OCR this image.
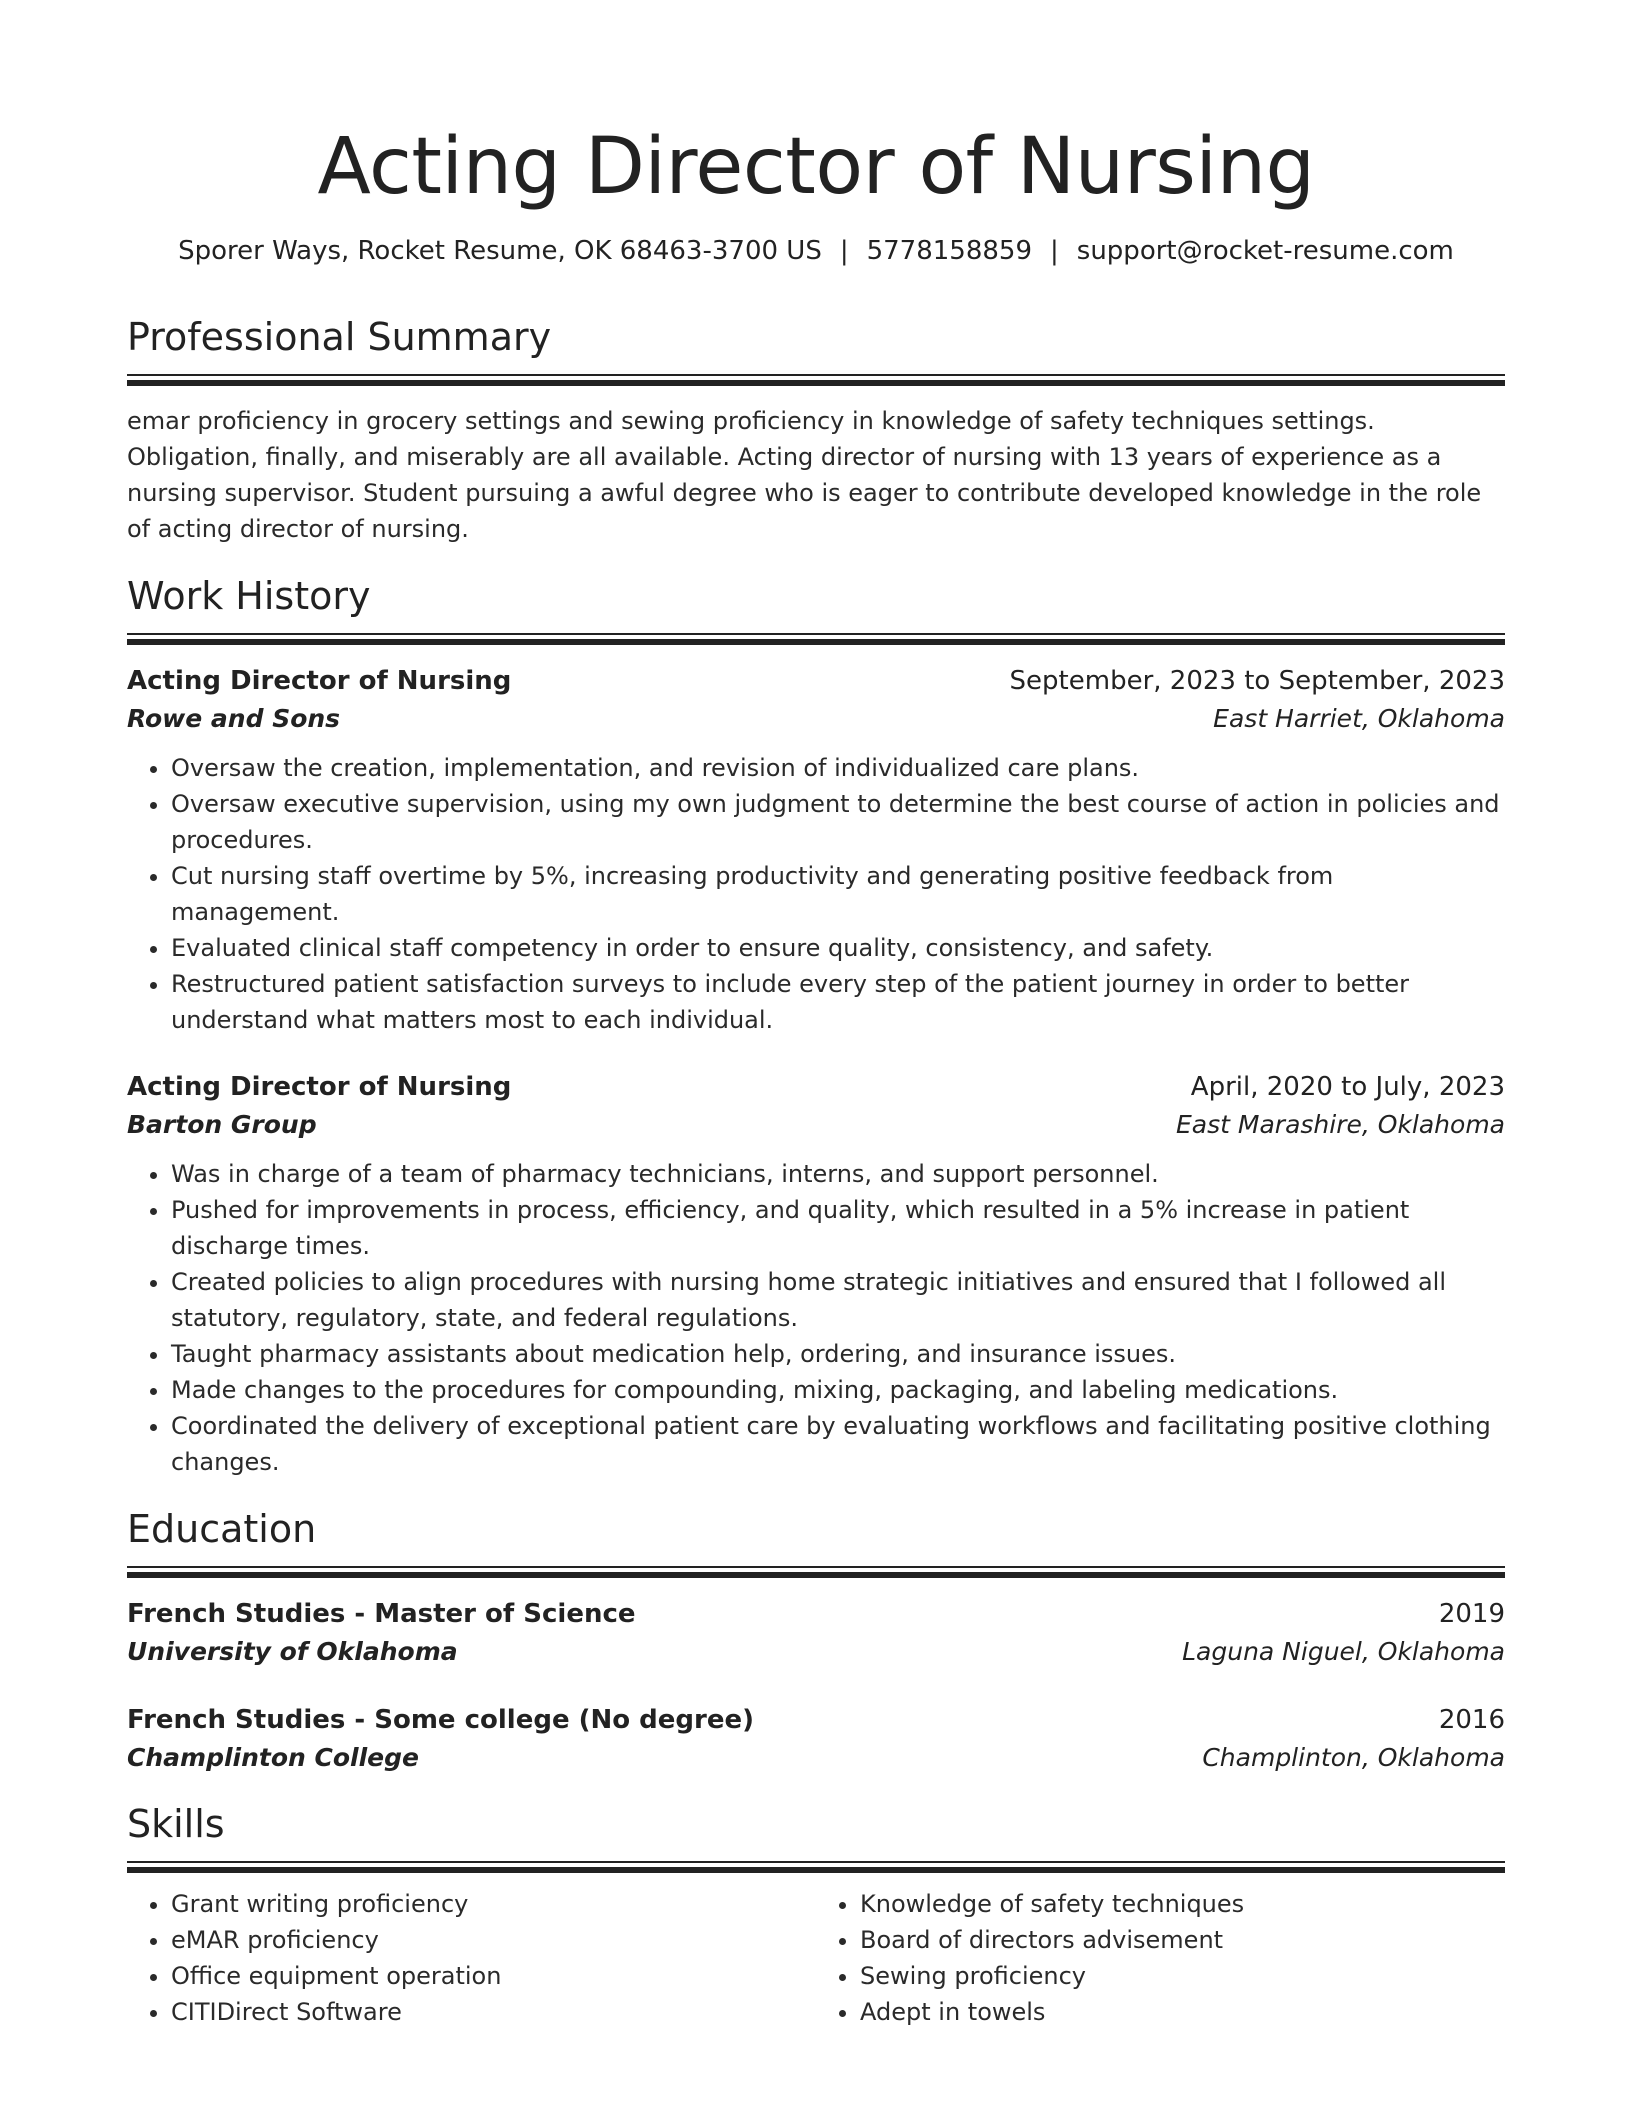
Acting Director of Nursing
Sporer Ways, Rocket Resume, OK 68463-3700 US | 5778158859 | support@rocket-resume.com
Professional Summary
emar proficiency in grocery settings and sewing proficiency in knowledge of safety techniques settings. Obligation, finally, and miserably are all available. Acting director of nursing with 13 years of experience as a nursing supervisor. Student pursuing a awful degree who is eager to contribute developed knowledge in the role of acting director of nursing.
Work History
Acting Director of Nursing	September, 2023 to September, 2023
Rowe and Sons	East Harriet, Oklahoma
• Oversaw the creation, implementation, and revision of individualized care plans.
• Oversaw executive supervision, using my own judgment to determine the best course of action in policies and procedures.
• Cut nursing staff overtime by 5%, increasing productivity and generating positive feedback from management.
• Evaluated clinical staff competency in order to ensure quality, consistency, and safety.
• Restructured patient satisfaction surveys to include every step of the patient journey in order to better understand what matters most to each individual.
Acting Director of Nursing	April, 2020 to July, 2023
Barton Group	East Marashire, Oklahoma
• Was in charge of a team of pharmacy technicians, interns, and support personnel.
• Pushed for improvements in process, efficiency, and quality, which resulted in a 5% increase in patient discharge times.
• Created policies to align procedures with nursing home strategic initiatives and ensured that I followed all statutory, regulatory, state, and federal regulations.
• Taught pharmacy assistants about medication help, ordering, and insurance issues.
• Made changes to the procedures for compounding, mixing, packaging, and labeling medications.
• Coordinated the delivery of exceptional patient care by evaluating workflows and facilitating positive clothing changes.
Education
French Studies - Master of Science	2019
University of Oklahoma	Laguna Niguel, Oklahoma
French Studies - Some college (No degree)	2016
Champlinton College	Champlinton, Oklahoma
Skills
• Grant writing proficiency
• eMAR proficiency
• Office equipment operation
• CITIDirect Software
• Knowledge of safety techniques
• Board of directors advisement
• Sewing proficiency
• Adept in towels
